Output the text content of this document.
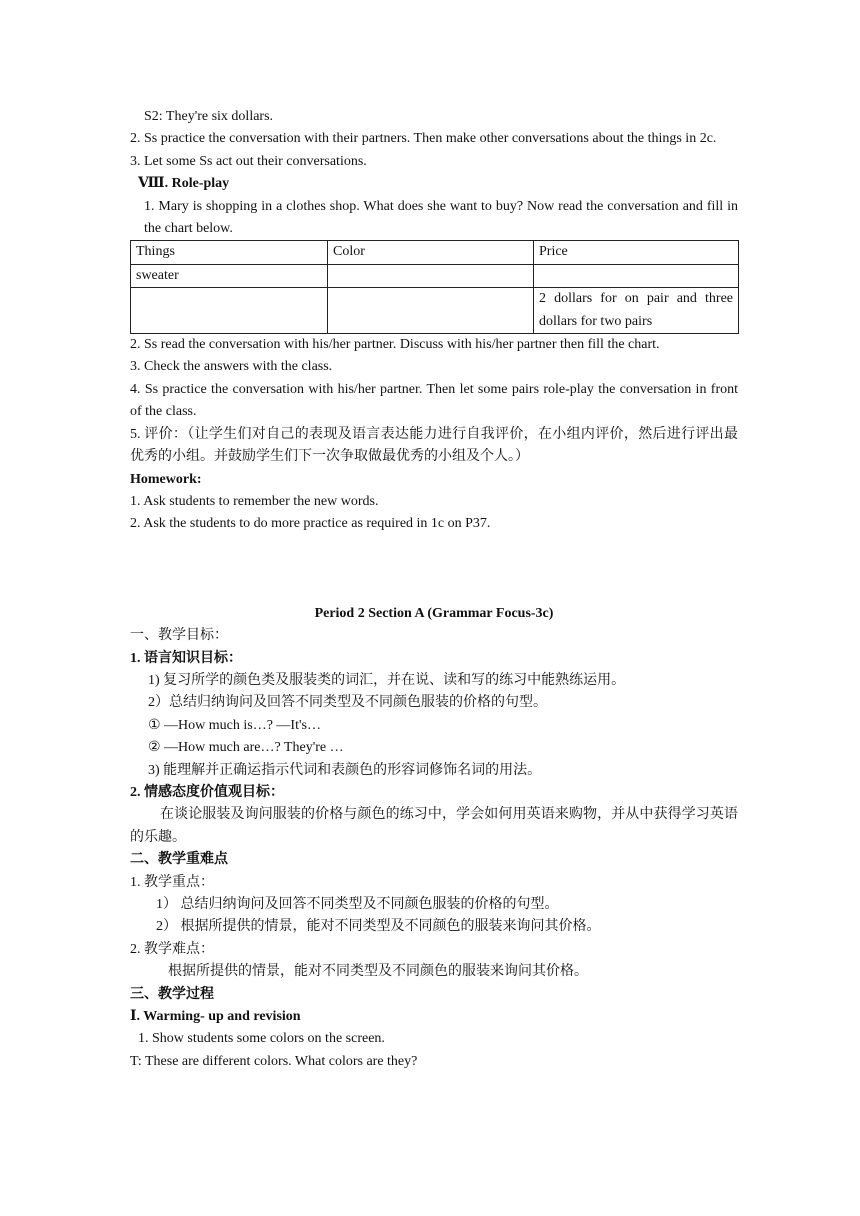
S2: They're six dollars.

2. Ss practice the conversation with their partners. Then make other conversations about the things in 2c.

3. Let some Ss act out their conversations.

Ⅷ. Role-play

1. Mary is shopping in a clothes shop. What does she want to buy? Now read the conversation and fill in the chart below.

Things	Color	Price
sweater		
		2 dollars for on pair and three dollars for two pairs

2. Ss read the conversation with his/her partner. Discuss with his/her partner then fill the chart.

3. Check the answers with the class.

4. Ss practice the conversation with his/her partner. Then let some pairs role-play the conversation in front of the class.

5. 评价：（让学生们对自己的表现及语言表达能力进行自我评价，在小组内评价，然后进行评出最优秀的小组。并鼓励学生们下一次争取做最优秀的小组及个人。）

Homework:

1. Ask students to remember the new words.

2. Ask the students to do more practice as required in 1c on P37.

Period 2 Section A (Grammar Focus-3c)

一、教学目标：

1. 语言知识目标：

1) 复习所学的颜色类及服装类的词汇，并在说、读和写的练习中能熟练运用。

2）总结归纳询问及回答不同类型及不同颜色服装的价格的句型。

① —How much is…? —It's…

② —How much are…? They're …

3) 能理解并正确运指示代词和表颜色的形容词修饰名词的用法。

2. 情感态度价值观目标：

在谈论服装及询问服装的价格与颜色的练习中，学会如何用英语来购物，并从中获得学习英语的乐趣。

二、教学重难点

1. 教学重点：

1） 总结归纳询问及回答不同类型及不同颜色服装的价格的句型。

2） 根据所提供的情景，能对不同类型及不同颜色的服装来询问其价格。

2. 教学难点：

根据所提供的情景，能对不同类型及不同颜色的服装来询问其价格。

三、教学过程

Ⅰ. Warming- up and revision

1. Show students some colors on the screen.

T: These are different colors. What colors are they?
